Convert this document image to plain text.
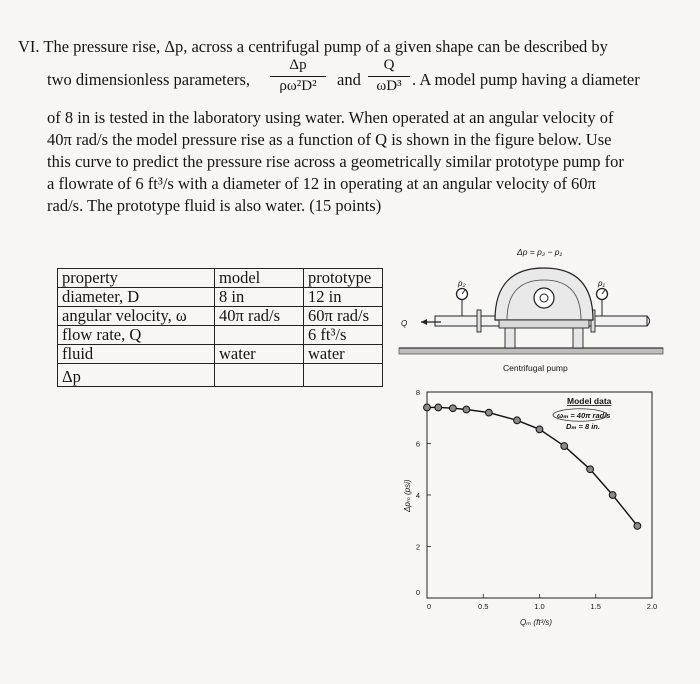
VI. The pressure rise, Δp, across a centrifugal pump of a given shape can be described by
two dimensionless parameters,
Δp
ρω²D²	and
Q
ωD³ . A model pump having a diameter
of 8 in is tested in the laboratory using water. When operated at an angular velocity of
40π rad/s the model pressure rise as a function of Q is shown in the figure below. Use
this curve to predict the pressure rise across a geometrically similar prototype pump for
a flowrate of 6 ft³/s with a diameter of 12 in operating at an angular velocity of 60π
rad/s. The prototype fluid is also water. (15 points)
property	model	prototype
diameter, D	8 in	12 in
angular velocity, ω	40π rad/s	60π rad/s
flow rate, Q		6 ft³/s
fluid	water	water
Δp		
Δp = p₂ − p₁
p₂	p₁
Q
Centrifugal pump
0	0.5	1.0	1.5	2.0
0
2
4
6
8
Model data
ωₘ = 40π rad/s
Dₘ = 8 in.
Qₘ (ft³/s)
Δpₘ (psi)
